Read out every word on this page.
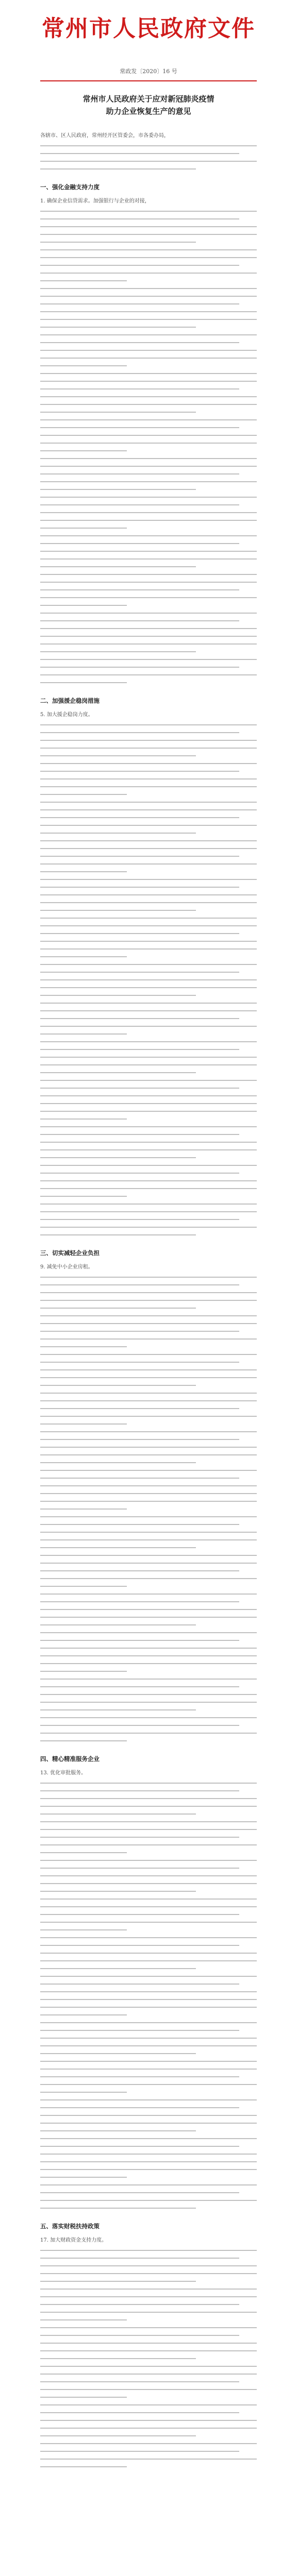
常州市人民政府文件
常政发〔2020〕16 号
常州市人民政府关于应对新冠肺炎疫情
助力企业恢复生产的意见
各辖市、区人民政府，常州经开区管委会，市各委办局，
一、强化金融支持力度
1. 确保企业信贷需求。加强银行与企业的对接，
二、加强援企稳岗措施
5. 加大援企稳岗力度。
三、切实减轻企业负担
9. 减免中小企业房租。
四、精心精准服务企业
13. 优化审批服务。
五、落实财税扶持政策
17. 加大财政资金支持力度。
